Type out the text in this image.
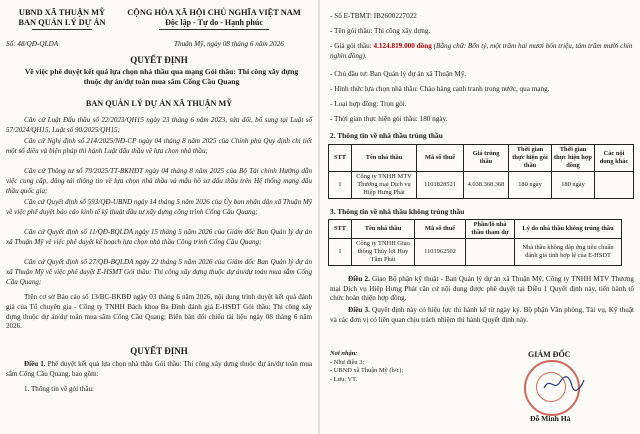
UBND XÃ THUẬN MỸ
BAN QUẢN LÝ DỰ ÁN
CỘNG HÒA XÃ HỘI CHỦ NGHĨA VIỆT NAM
Độc lập - Tự do - Hạnh phúc
Số: 48/QĐ-QLDA	Thuận Mỹ, ngày 08 tháng 6 năm 2026
QUYẾT ĐỊNH
Về việc phê duyệt kết quả lựa chọn nhà thầu qua mạng Gói thầu: Thi công xây dựng thuộc dự án/dự toán mua sắm Cống Cầu Quang
BAN QUẢN LÝ DỰ ÁN XÃ THUẬN MỸ
Căn cứ Luật Đấu thầu số 22/2023/QH15 ngày 23 tháng 6 năm 2023, sửa đổi, bổ sung tại Luật số 57/2024/QH15, Luật số 90/2025/QH15;
Căn cứ Nghị định số 214/2025/NĐ-CP ngày 04 tháng 8 năm 2025 của Chính phủ Quy định chi tiết một số điều và biện pháp thi hành Luật đấu thầu về lựa chọn nhà thầu;
Căn cứ Thông tư số 79/2025/TT-BKHĐT ngày 04 tháng 8 năm 2025 của Bộ Tài chính Hướng dẫn việc cung cấp, đăng tải thông tin về lựa chọn nhà thầu và mẫu hồ sơ đấu thầu trên Hệ thống mạng đấu thầu quốc gia;
Căn cứ Quyết định số 593/QĐ-UBND ngày 14 tháng 5 năm 2026 của Ủy ban nhân dân xã Thuận Mỹ về việc phê duyệt báo cáo kinh tế kỹ thuật đầu tư xây dựng công trình Cống Cầu Quang;
Căn cứ Quyết định số 11/QĐ-BQLDA ngày 15 tháng 5 năm 2026 của Giám đốc Ban Quản lý dự án xã Thuận Mỹ về việc phê duyệt kế hoạch lựa chọn nhà thầu Công trình Cống Cầu Quang;
Căn cứ Quyết định số 27/QĐ-BQLDA ngày 22 tháng 5 năm 2026 của Giám đốc Ban Quản lý dự án xã Thuận Mỹ về việc phê duyệt E-HSMT Gói thầu: Thi công xây dựng thuộc dự án/dự toán mua sắm Cống Cầu Quang;
Trên cơ sở Báo cáo số 13/BC-BKBĐ ngày 03 tháng 6 năm 2026, nội dung trình duyệt kết quả đánh giá của Tổ chuyên gia - Công ty TNHH Bách khoa Ba Đình đánh giá E-HSĐT Gói thầu: Thi công xây dựng thuộc dự án/dự toán mua sắm Cống Cầu Quang; Biên bản đối chiếu tài liệu ngày 08 tháng 6 năm 2026.
QUYẾT ĐỊNH
Điều 1. Phê duyệt kết quả lựa chọn nhà thầu Gói thầu: Thi công xây dựng thuộc dự án/dự toán mua sắm Cống Cầu Quang, bao gồm:
1. Thông tin về gói thầu:
- Số E-TBMT: IB2600227022
- Tên gói thầu: Thi công xây dựng.
- Giá gói thầu: 4.124.819.000 đồng (Bằng chữ: Bốn tỷ, một trăm hai mươi bốn triệu, tám trăm mười chín nghìn đồng).
- Chủ đầu tư: Ban Quản lý dự án xã Thuận Mỹ.
- Hình thức lựa chọn nhà thầu: Chào hàng cạnh tranh trong nước, qua mạng.
- Loại hợp đồng: Trọn gói.
- Thời gian thực hiện gói thầu: 180 ngày.
2. Thông tin về nhà thầu trúng thầu
STT	Tên nhà thầu	Mã số thuế	Giá trúng thầu	Thời gian thực hiện gói thầu	Thời gian thực hiện hợp đồng	Các nội dung khác
1	Công ty TNHH MTV Thương mại Dịch vụ Hiệp Hưng Phát	1101828521	4.038.368.368	180 ngày	180 ngày	
3. Thông tin về nhà thầu không trúng thầu
STT	Tên nhà thầu	Mã số thuế	Phần/lô nhà thầu tham dự	Lý do nhà thầu không trúng thầu
1	Công ty TNHH Giao thông Thủy lợi Huy Tâm Phát	1101962502		Nhà thầu không đáp ứng tiêu chuẩn đánh giá tính hợp lệ của E-HSDT
Điều 2. Giao Bộ phận kỹ thuật - Ban Quản lý dự án xã Thuận Mỹ, Công ty TNHH MTV Thương mại Dịch vụ Hiệp Hưng Phát căn cứ nội dung được phê duyệt tại Điều 1 Quyết định này, tiến hành tổ chức hoàn thiện hợp đồng.
Điều 3. Quyết định này có hiệu lực thi hành kể từ ngày ký. Bộ phận Văn phòng, Tài vụ, Kỹ thuật và các đơn vị có liên quan chịu trách nhiệm thi hành Quyết định này.
Nơi nhận:
- Như điều 3;
- UBND xã Thuận Mỹ (b/c);
- Lưu: VT.
GIÁM ĐỐC
Đỗ Minh Hà
